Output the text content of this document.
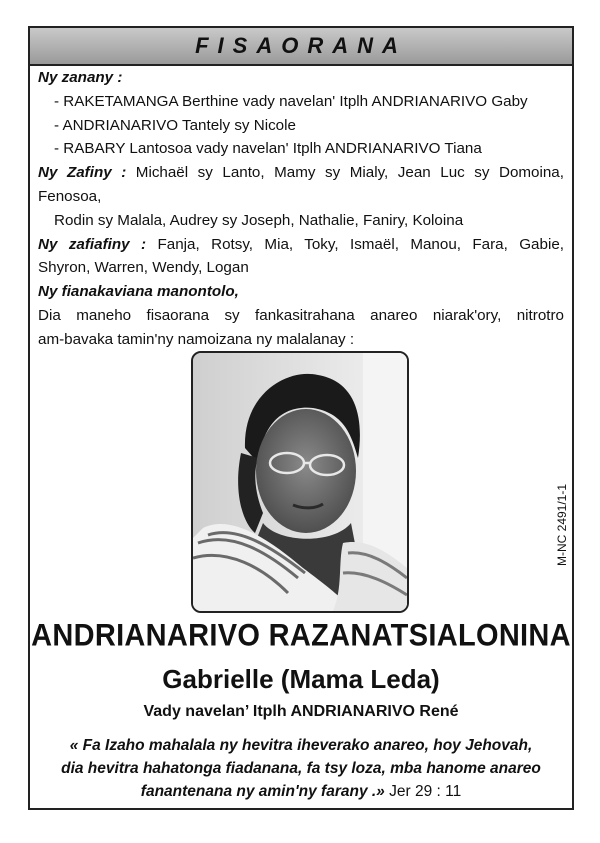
FISAORANA
Ny zanany :
- RAKETAMANGA Berthine vady navelan' Itplh ANDRIANARIVO Gaby
- ANDRIANARIVO Tantely sy Nicole
- RABARY Lantosoa vady navelan' Itplh ANDRIANARIVO Tiana
Ny Zafiny : Michaël sy Lanto, Mamy sy Mialy, Jean Luc sy Domoina,
Fenosoa,
Rodin sy Malala, Audrey sy Joseph, Nathalie, Faniry, Koloina
Ny zafiafiny : Fanja, Rotsy, Mia, Toky, Ismaël, Manou, Fara, Gabie,
Shyron, Warren, Wendy, Logan
Ny fianakaviana manontolo,
Dia maneho fisaorana sy fankasitrahana anareo niarak'ory, nitrotro
am-bavaka tamin'ny namoizana ny malalanay :
M-NC 2491/1-1
ANDRIANARIVO RAZANATSIALONINA
Gabrielle (Mama Leda)
Vady navelan’ Itplh ANDRIANARIVO René
« Fa Izaho mahalala ny hevitra iheverako anareo, hoy Jehovah,
dia hevitra hahatonga fiadanana, fa tsy loza, mba hanome anareo
fanantenana ny amin'ny farany .» Jer 29 : 11
